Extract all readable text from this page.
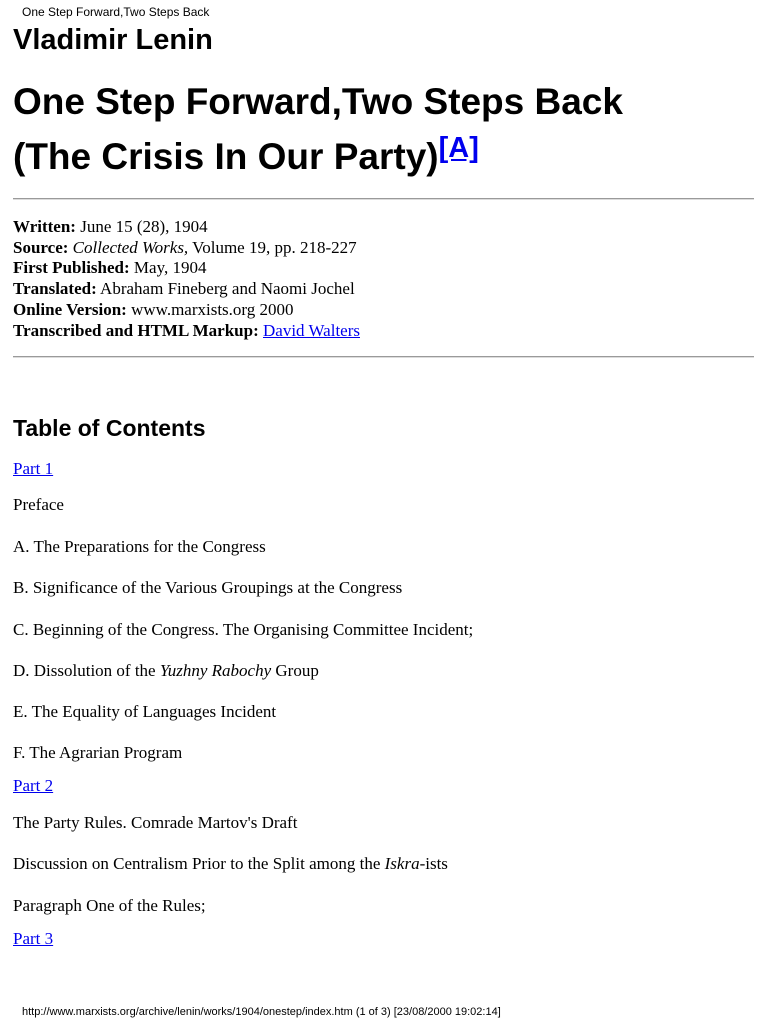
One Step Forward,Two Steps Back
Vladimir Lenin
One Step Forward,Two Steps Back
(The Crisis In Our Party)[A]
Written: June 15 (28), 1904
Source: Collected Works, Volume 19, pp. 218-227
First Published: May, 1904
Translated: Abraham Fineberg and Naomi Jochel
Online Version: www.marxists.org 2000
Transcribed and HTML Markup: David Walters
Table of Contents
Part 1
Preface
A. The Preparations for the Congress
B. Significance of the Various Groupings at the Congress
C. Beginning of the Congress. The Organising Committee Incident;
D. Dissolution of the Yuzhny Rabochy Group
E. The Equality of Languages Incident
F. The Agrarian Program
Part 2
The Party Rules. Comrade Martov's Draft
Discussion on Centralism Prior to the Split among the Iskra-ists
Paragraph One of the Rules;
Part 3
http://www.marxists.org/archive/lenin/works/1904/onestep/index.htm (1 of 3) [23/08/2000 19:02:14]
